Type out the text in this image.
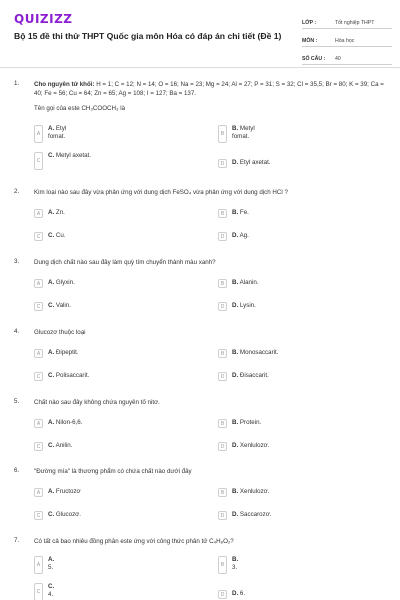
QUIZIZZ
Bộ 15 đề thi thử THPT Quốc gia môn Hóa có đáp án chi tiết (Đề 1)
LỚP :	Tốt nghiệp THPT
MÔN :	Hóa học
SỐ CÂU :	40
1. Cho nguyên tử khối: H = 1; C = 12; N = 14; O = 16; Na = 23; Mg = 24; Al = 27; P = 31; S = 32; Cl = 35,5; Br = 80; K = 39; Ca = 40; Fe = 56; Cu = 64; Zn = 65; Ag = 108; I = 127; Ba = 137.
Tên gọi của este CH₃COOCH₃ là
A
A. Etyl fomat.	B
B. Metyl fomat.
C
C. Metyl axetat.
D	D. Etyl axetat.
2. Kim loại nào sau đây vừa phản ứng với dung dịch FeSO₄ vừa phản ứng với dung dịch HCl ?
A	A. Zn.	B	B. Fe.
C	C. Cu.	D	D. Ag.
3. Dung dịch chất nào sau đây làm quỳ tím chuyển thành màu xanh?
A	A. Glyxin.	B	B. Alanin.
C	C. Valin.	D	D. Lysin.
4. Glucozơ thuộc loại
A	A. Đipeptit.	B	B. Monosaccarit.
C	C. Polisaccarit.	D	D. Đisaccarit.
5. Chất nào sau đây không chứa nguyên tố nitơ.
A	A. Nilon-6,6.	B	B. Protein.
C	C. Anilin.	D	D. Xenlulozơ.
6. "Đường mía" là thương phẩm có chứa chất nào dưới đây
A	A. Fructozơ	B	B. Xenlulozơ.
C	C. Glucozơ.	D	D. Saccarozơ.
7. Có tất cả bao nhiêu đồng phân este ứng với công thức phân tử C₄H₈O₂?
A
A. 5.	B
B. 3.
C
C. 4.	D	D. 6.
